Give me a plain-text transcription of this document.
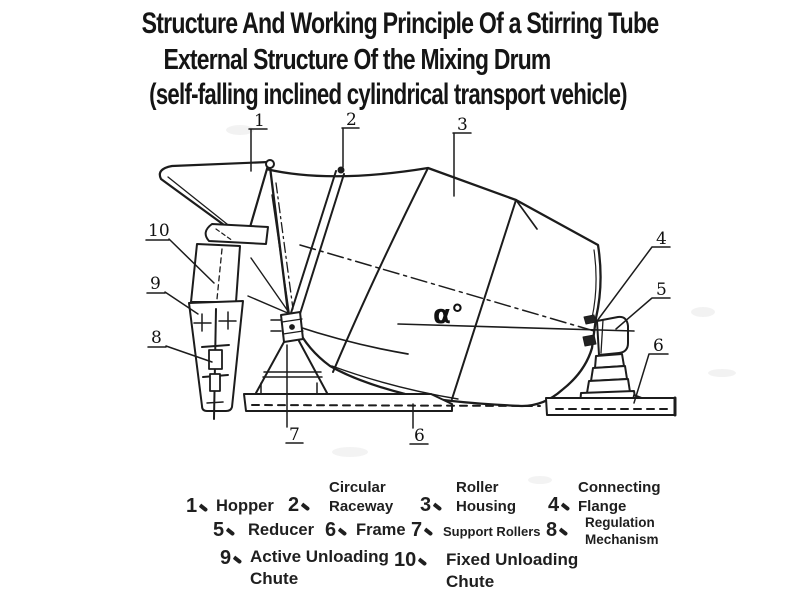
Structure And Working Principle Of a Stirring Tube
External Structure Of the Mixing Drum
(self-falling inclined cylindrical transport vehicle)
α°
1	2	3
4
5
6
7	6
8
9
10
1 Hopper 2
Circular
Raceway 3
Roller
Housing 4
Connecting
Flange
5 Reducer 6 Frame 7 Support Rollers 8 Regulation
Mechanism
9 Active Unloading
Chute
10 Fixed Unloading
Chute
